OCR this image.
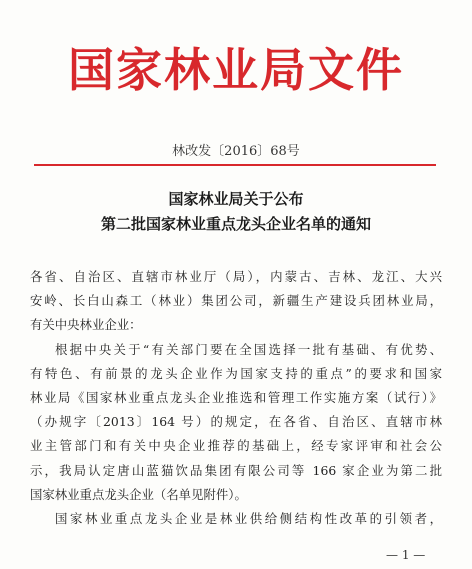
国家林业局文件
林改发〔2016〕68号
国家林业局关于公布
第二批国家林业重点龙头企业名单的通知
各省、自治区、直辖市林业厅（局），内蒙古、吉林、龙江、大兴
安岭、长白山森工（林业）集团公司，新疆生产建设兵团林业局，
有关中央林业企业：
根据中央关于“有关部门要在全国选择一批有基础、有优势、
有特色、有前景的龙头企业作为国家支持的重点”的要求和国家
林业局《国家林业重点龙头企业推选和管理工作实施方案（试行）》
（办规字〔2013〕164 号）的规定，在各省、自治区、直辖市林
业主管部门和有关中央企业推荐的基础上，经专家评审和社会公
示，我局认定唐山蓝猫饮品集团有限公司等 166 家企业为第二批
国家林业重点龙头企业（名单见附件）。
国家林业重点龙头企业是林业供给侧结构性改革的引领者，
— 1 —
